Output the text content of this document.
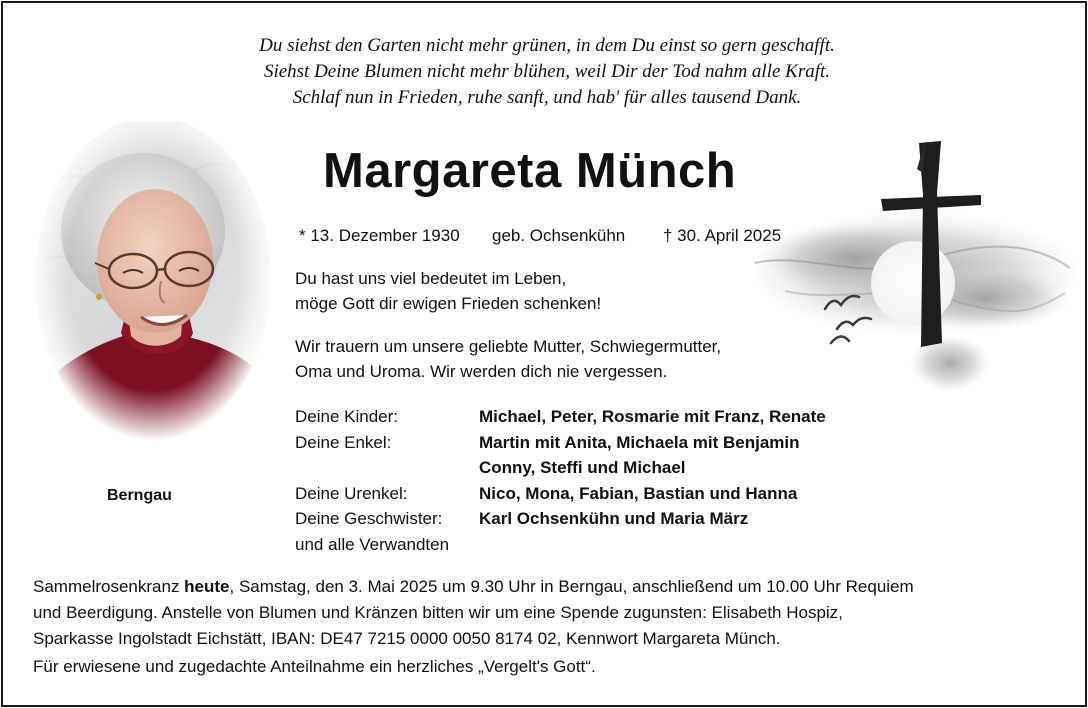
Du siehst den Garten nicht mehr grünen, in dem Du einst so gern geschafft.
Siehst Deine Blumen nicht mehr blühen, weil Dir der Tod nahm alle Kraft.
Schlaf nun in Frieden, ruhe sanft, und hab' für alles tausend Dank.
Berngau
Margareta Münch
* 13. Dezember 1930 geb. Ochsenkühn † 30. April 2025
Du hast uns viel bedeutet im Leben,
möge Gott dir ewigen Frieden schenken!
Wir trauern um unsere geliebte Mutter, Schwiegermutter,
Oma und Uroma. Wir werden dich nie vergessen.
Deine Kinder:	Michael, Peter, Rosmarie mit Franz, Renate
Deine Enkel:	Martin mit Anita, Michaela mit Benjamin
Conny, Steffi und Michael
Deine Urenkel:	Nico, Mona, Fabian, Bastian und Hanna
Deine Geschwister: Karl Ochsenkühn und Maria März
und alle Verwandten
Sammelrosenkranz heute, Samstag, den 3. Mai 2025 um 9.30 Uhr in Berngau, anschließend um 10.00 Uhr Requiem
und Beerdigung. Anstelle von Blumen und Kränzen bitten wir um eine Spende zugunsten: Elisabeth Hospiz,
Sparkasse Ingolstadt Eichstätt, IBAN: DE47 7215 0000 0050 8174 02, Kennwort Margareta Münch.
Für erwiesene und zugedachte Anteilnahme ein herzliches „Vergelt's Gott“.
